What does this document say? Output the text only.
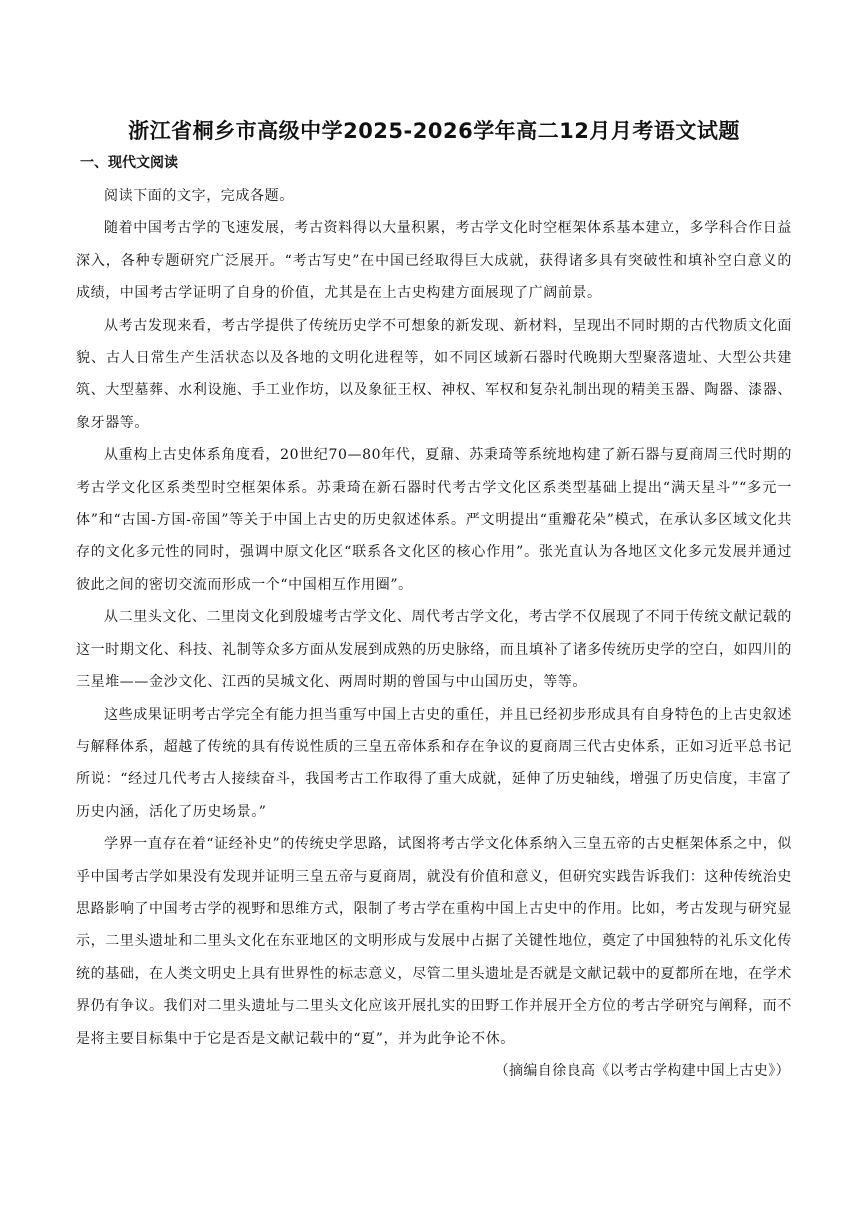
浙江省桐乡市高级中学2025-2026学年高二12月月考语文试题
一、现代文阅读

阅读下面的文字，完成各题。

随着中国考古学的飞速发展，考古资料得以大量积累，考古学文化时空框架体系基本建立，多学科合作日益深入，各种专题研究广泛展开。“考古写史”在中国已经取得巨大成就，获得诸多具有突破性和填补空白意义的成绩，中国考古学证明了自身的价值，尤其是在上古史构建方面展现了广阔前景。

从考古发现来看，考古学提供了传统历史学不可想象的新发现、新材料，呈现出不同时期的古代物质文化面貌、古人日常生产生活状态以及各地的文明化进程等，如不同区域新石器时代晚期大型聚落遗址、大型公共建筑、大型墓葬、水利设施、手工业作坊，以及象征王权、神权、军权和复杂礼制出现的精美玉器、陶器、漆器、象牙器等。

从重构上古史体系角度看，20世纪70—80年代，夏鼐、苏秉琦等系统地构建了新石器与夏商周三代时期的考古学文化区系类型时空框架体系。苏秉琦在新石器时代考古学文化区系类型基础上提出“满天星斗”“多元一体”和“古国-方国-帝国”等关于中国上古史的历史叙述体系。严文明提出“重瓣花朵”模式，在承认多区域文化共存的文化多元性的同时，强调中原文化区“联系各文化区的核心作用”。张光直认为各地区文化多元发展并通过彼此之间的密切交流而形成一个“中国相互作用圈”。

从二里头文化、二里岗文化到殷墟考古学文化、周代考古学文化，考古学不仅展现了不同于传统文献记载的这一时期文化、科技、礼制等众多方面从发展到成熟的历史脉络，而且填补了诸多传统历史学的空白，如四川的三星堆——金沙文化、江西的吴城文化、两周时期的曾国与中山国历史，等等。

这些成果证明考古学完全有能力担当重写中国上古史的重任，并且已经初步形成具有自身特色的上古史叙述与解释体系，超越了传统的具有传说性质的三皇五帝体系和存在争议的夏商周三代古史体系，正如习近平总书记所说：“经过几代考古人接续奋斗，我国考古工作取得了重大成就，延伸了历史轴线，增强了历史信度，丰富了历史内涵，活化了历史场景。”

学界一直存在着“证经补史”的传统史学思路，试图将考古学文化体系纳入三皇五帝的古史框架体系之中，似乎中国考古学如果没有发现并证明三皇五帝与夏商周，就没有价值和意义，但研究实践告诉我们：这种传统治史思路影响了中国考古学的视野和思维方式，限制了考古学在重构中国上古史中的作用。比如，考古发现与研究显示，二里头遗址和二里头文化在东亚地区的文明形成与发展中占据了关键性地位，奠定了中国独特的礼乐文化传统的基础，在人类文明史上具有世界性的标志意义，尽管二里头遗址是否就是文献记载中的夏都所在地，在学术界仍有争议。我们对二里头遗址与二里头文化应该开展扎实的田野工作并展开全方位的考古学研究与阐释，而不是将主要目标集中于它是否是文献记载中的“夏”，并为此争论不休。

（摘编自徐良高《以考古学构建中国上古史》）
